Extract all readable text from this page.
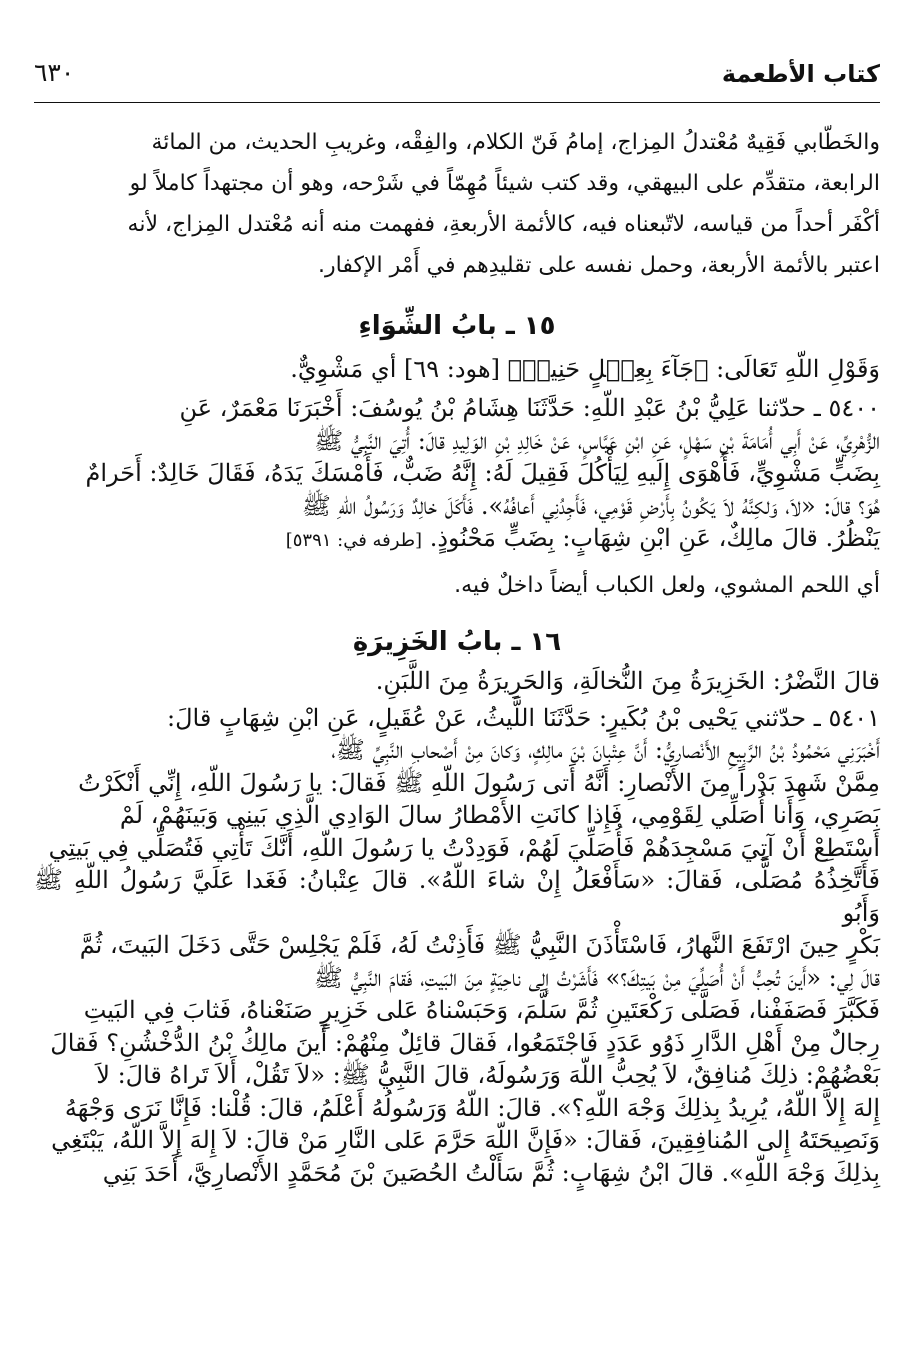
٦٣٠	كتاب الأطعمة

والخَطّابي فَقِيهٌ مُعْتدلُ المِزاج، إمامُ فَنّ الكلام، والفِقْه، وغريبِ الحديث، من المائة

الرابعة، متقدِّم على البيهقي، وقد كتب شيئاً مُهِمّاً في شَرْحه، وهو أن مجتهداً كاملاً لو

أكْفَر أحداً من قياسه، لاتّبعناه فيه، كالأئمة الأربعةِ، ففهمت منه أنه مُعْتدل المِزاج، لأنه

اعتبر بالأئمة الأربعة، وحمل نفسه على تقليدِهم في أَمْر الإكفار.

١٥ ـ بابُ الشِّوَاءِ

وَقَوْلِ اللّهِ تَعَالَى: ﴿جَآءَ بِعِجۡلٍ حَنِيذٖ﴾ [هود: ٦٩] أي مَشْوِيٌّ.

٥٤٠٠ ـ حدّثنا عَلِيُّ بْنُ عَبْدِ اللّهِ: حَدَّثَنَا هِشَامُ بْنُ يُوسُفَ: أَخْبَرَنَا مَعْمَرٌ، عَنِ

الزُّهْرِيِّ، عَنْ أَبِي أُمَامَةَ بْنِ سَهْلٍ، عَنِ ابْنِ عَبَّاسٍ، عَنْ خَالِدِ بْنِ الوَلِيدِ قالَ: أُتِيَ النَّبِيُّ ﷺ

بِضَبٍّ مَشْوِيٍّ، فَأَهْوَى إِلَيهِ لِيَأْكُلَ فَقِيلَ لَهُ: إِنَّهُ ضَبٌّ، فَأَمْسَكَ يَدَهُ، فَقَالَ خَالِدٌ: أَحَرامٌ

هُوَ؟ قالَ: «لاَ، وَلكِنَّهُ لاَ يَكُونُ بِأَرْضِ قَوْمِي، فَأَجِدُنِي أَعافُهُ». فَأَكَلَ خالِدٌ وَرَسُولُ اللّهِ ﷺ

يَنْظُرُ. قالَ مالِكٌ، عَنِ ابْنِ شِهَابٍ: بِضَبٍّ مَحْنُوذٍ. [طرفه في: ٥٣٩١]

أي اللحم المشوي، ولعل الكباب أيضاً داخلٌ فيه.

١٦ ـ بابُ الخَزِيرَةِ

قالَ النَّضْرُ: الخَزِيرَةُ مِنَ النُّخالَةِ، وَالحَرِيرَةُ مِنَ اللَّبَنِ.

٥٤٠١ ـ حدّثني يَحْيى بْنُ بُكَيرٍ: حَدَّثَنَا اللَّيثُ، عَنْ عُقَيلٍ، عَنِ ابْنِ شِهَابٍ قالَ:

أَخْبَرَنِي مَحْمُودُ بْنُ الرَّبِيعِ الأَنْصارِيُّ: أَنَّ عِتْبانَ بْنَ مالِكٍ، وَكانَ مِنْ أَصْحابِ النَّبِيِّ ﷺ،

مِمَّنْ شَهِدَ بَدْراً مِنَ الأَنْصارِ: أَنَّهُ أَتى رَسُولَ اللّهِ ﷺ فَقالَ: يا رَسُولَ اللّهِ، إِنِّي أَنْكَرْتُ

بَصَرِي، وَأَنا أُصَلِّي لِقَوْمِي، فَإِذا كانَتِ الأَمْطارُ سالَ الوَادِي الَّذِي بَينِي وَبَينَهُمْ، لَمْ

أَسْتَطِعْ أَنْ آتِيَ مَسْجِدَهُمْ فَأُصَلِّيَ لَهُمْ، فَوَدِدْتُ يا رَسُولَ اللّهِ، أَنَّكَ تَأْتِي فَتُصَلِّي فِي بَيتِي

فَأَتَّخِذُهُ مُصَلًّى، فَقالَ: «سَأَفْعَلُ إِنْ شاءَ اللّهُ». قالَ عِتْبانُ: فَغَدا عَلَيَّ رَسُولُ اللّهِ ﷺ وَأَبُو

بَكْرٍ حِينَ ارْتَفَعَ النَّهارُ، فَاسْتَأْذَنَ النَّبِيُّ ﷺ فَأَذِنْتُ لَهُ، فَلَمْ يَجْلِسْ حَتَّى دَخَلَ البَيتَ، ثُمَّ

قالَ لِي: «أَينَ تُحِبُّ أَنْ أُصَلِّيَ مِنْ بَيتِكَ؟» فَأَشَرْتُ إِلى ناحِيَةٍ مِنَ البَيتِ، فَقامَ النَّبِيُّ ﷺ

فَكَبَّرَ فَصَفَفْنا، فَصَلَّى رَكْعَتَينِ ثُمَّ سَلَّمَ، وَحَبَسْناهُ عَلى خَزِيرٍ صَنَعْناهُ، فَثابَ فِي البَيتِ

رِجالٌ مِنْ أَهْلِ الدَّارِ ذَوُو عَدَدٍ فَاجْتَمَعُوا، فَقالَ قائِلٌ مِنْهُمْ: أَينَ مالِكُ بْنُ الدُّخْشُنِ؟ فَقالَ

بَعْضُهُمْ: ذلِكَ مُنافِقٌ، لاَ يُحِبُّ اللّهَ وَرَسُولَهُ، قالَ النَّبِيُّ ﷺ: «لاَ تَقُلْ، أَلاَ تَراهُ قالَ: لاَ

إِلهَ إِلاَّ اللّهُ، يُرِيدُ بِذلِكَ وَجْهَ اللّهِ؟». قالَ: اللّهُ وَرَسُولُهُ أَعْلَمُ، قالَ: قُلْنا: فَإِنَّا نَرَى وَجْهَهُ

وَنَصِيحَتَهُ إِلى المُنافِقِينَ، فَقالَ: «فَإِنَّ اللّهَ حَرَّمَ عَلى النَّارِ مَنْ قالَ: لاَ إِلهَ إِلاَّ اللّهُ، يَبْتَغِي

بِذلِكَ وَجْهَ اللّهِ». قالَ ابْنُ شِهَابٍ: ثُمَّ سَأَلْتُ الحُصَينَ بْنَ مُحَمَّدٍ الأَنْصارِيَّ، أَحَدَ بَنِي
